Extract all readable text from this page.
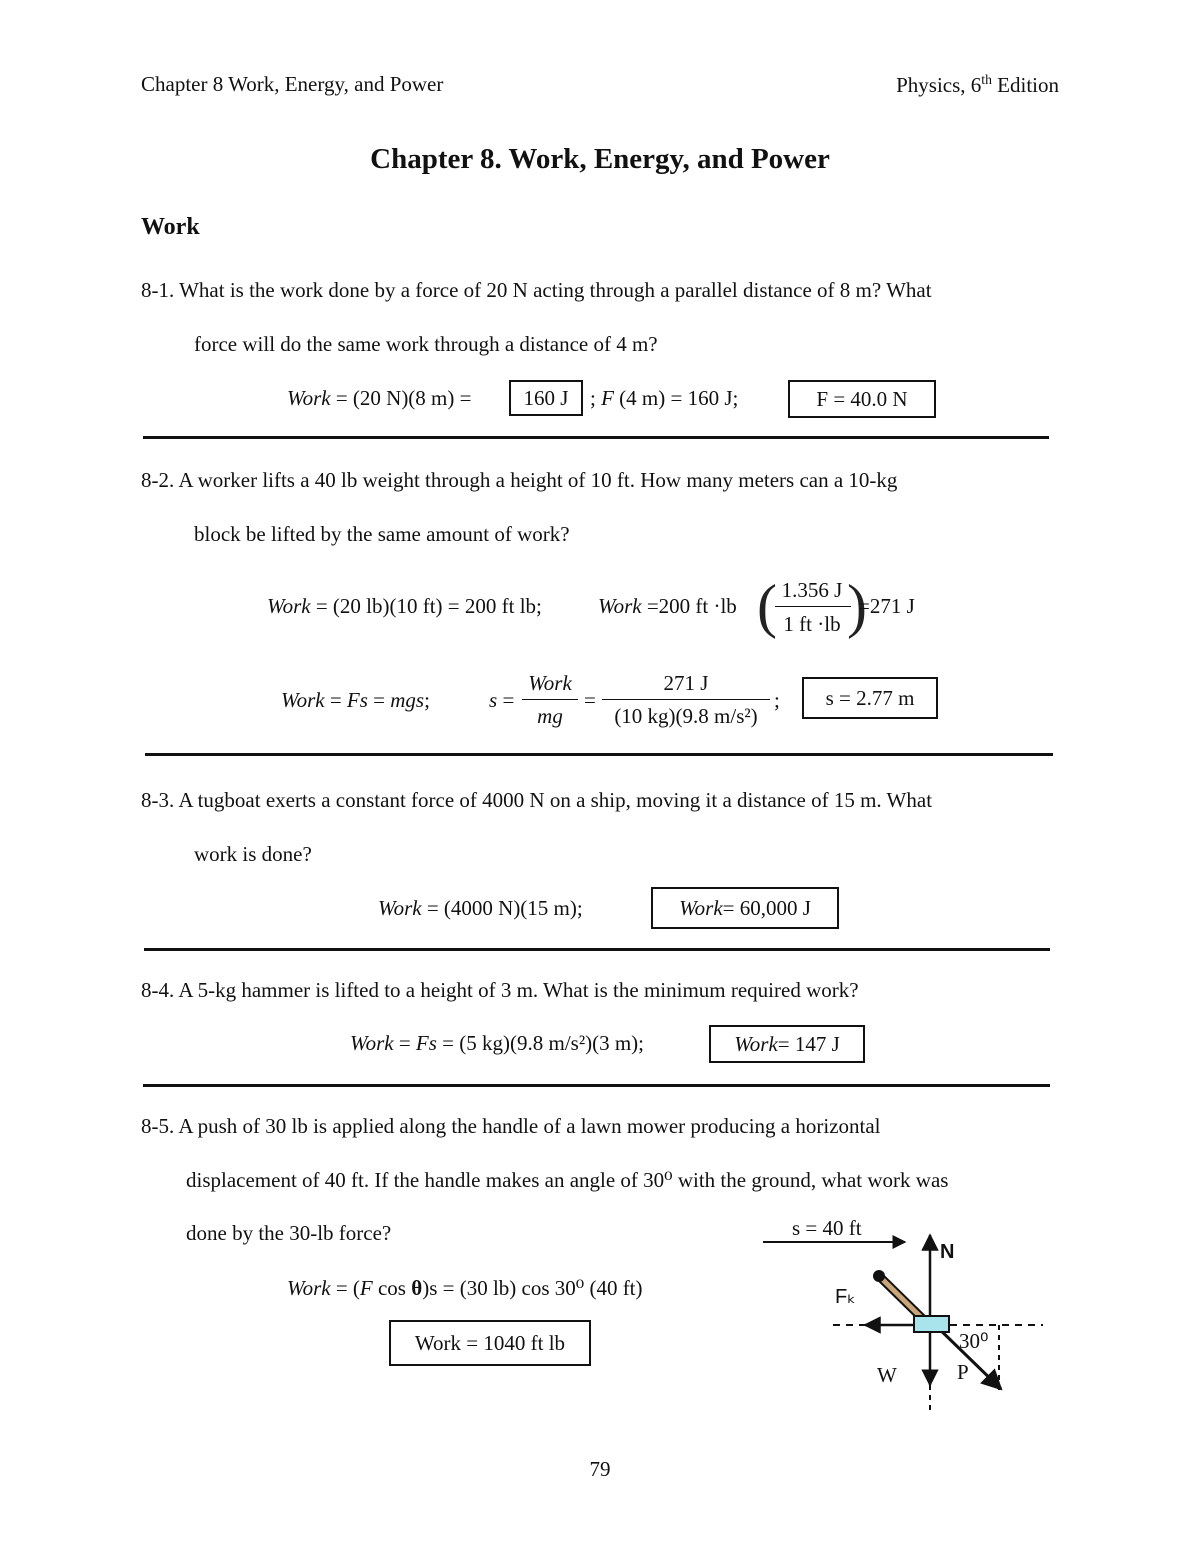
Chapter 8 Work, Energy, and Power	Physics, 6th Edition
Chapter 8. Work, Energy, and Power
Work
8-1. What is the work done by a force of 20 N acting through a parallel distance of 8 m? What
force will do the same work through a distance of 4 m?
Work = (20 N)(8 m) =	160 J	; F (4 m) = 160 J;	F = 40.0 N
8-2. A worker lifts a 40 lb weight through a height of 10 ft. How many meters can a 10-kg
block be lifted by the same amount of work?
Work = (20 lb)(10 ft) = 200 ft lb;	Work =200 ft ·lb ( 1.356 J
1 ft ·lb )
=271 J
Work = Fs = mgs;	s =
Work
mg
=
271 J
(10 kg)(9.8 m/s²)
;	s = 2.77 m
8-3. A tugboat exerts a constant force of 4000 N on a ship, moving it a distance of 15 m. What
work is done?
Work = (4000 N)(15 m);	Work = 60,000 J
8-4. A 5-kg hammer is lifted to a height of 3 m. What is the minimum required work?
Work = Fs = (5 kg)(9.8 m/s²)(3 m);	Work = 147 J
8-5. A push of 30 lb is applied along the handle of a lawn mower producing a horizontal
displacement of 40 ft. If the handle makes an angle of 30⁰ with the ground, what work was
done by the 30-lb force?
Work = (F cos θ)s = (30 lb) cos 30⁰ (40 ft)
Work = 1040 ft lb
s = 40 ft
N
Fₖ
30⁰
W	P
79
